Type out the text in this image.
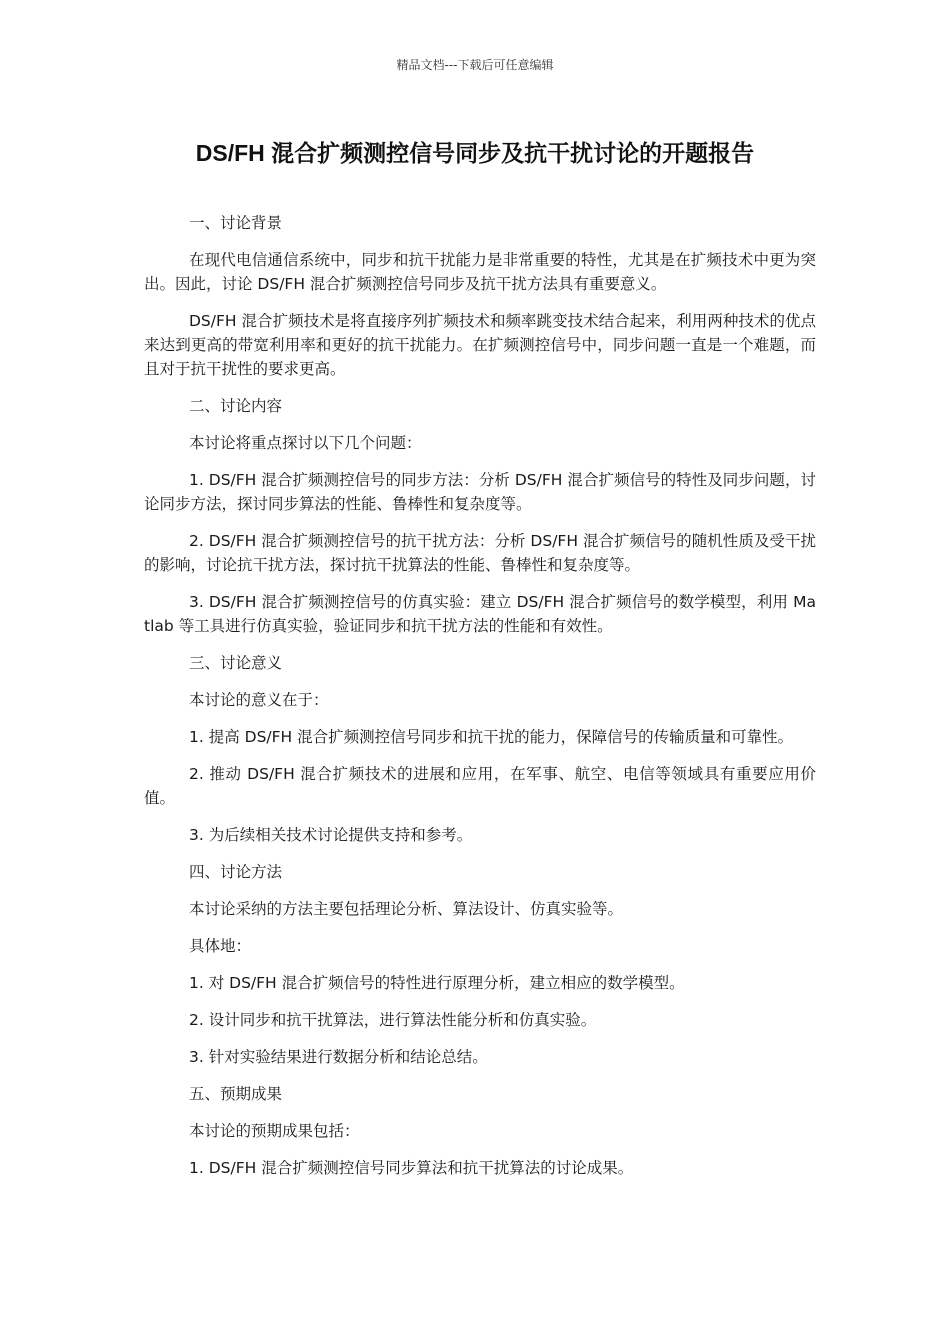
精品文档---下载后可任意编辑
DS/FH 混合扩频测控信号同步及抗干扰讨论的开题报告

一、讨论背景

在现代电信通信系统中，同步和抗干扰能力是非常重要的特性，尤其是在扩频技术中更为突出。因此，讨论 DS/FH 混合扩频测控信号同步及抗干扰方法具有重要意义。

DS/FH 混合扩频技术是将直接序列扩频技术和频率跳变技术结合起来，利用两种技术的优点来达到更高的带宽利用率和更好的抗干扰能力。在扩频测控信号中，同步问题一直是一个难题，而且对于抗干扰性的要求更高。

二、讨论内容

本讨论将重点探讨以下几个问题：

1. DS/FH 混合扩频测控信号的同步方法：分析 DS/FH 混合扩频信号的特性及同步问题，讨论同步方法，探讨同步算法的性能、鲁棒性和复杂度等。

2. DS/FH 混合扩频测控信号的抗干扰方法：分析 DS/FH 混合扩频信号的随机性质及受干扰的影响，讨论抗干扰方法，探讨抗干扰算法的性能、鲁棒性和复杂度等。

3. DS/FH 混合扩频测控信号的仿真实验：建立 DS/FH 混合扩频信号的数学模型，利用 Matlab 等工具进行仿真实验，验证同步和抗干扰方法的性能和有效性。

三、讨论意义

本讨论的意义在于：

1. 提高 DS/FH 混合扩频测控信号同步和抗干扰的能力，保障信号的传输质量和可靠性。

2. 推动 DS/FH 混合扩频技术的进展和应用，在军事、航空、电信等领域具有重要应用价值。

3. 为后续相关技术讨论提供支持和参考。

四、讨论方法

本讨论采纳的方法主要包括理论分析、算法设计、仿真实验等。

具体地：

1. 对 DS/FH 混合扩频信号的特性进行原理分析，建立相应的数学模型。

2. 设计同步和抗干扰算法，进行算法性能分析和仿真实验。

3. 针对实验结果进行数据分析和结论总结。

五、预期成果

本讨论的预期成果包括：

1. DS/FH 混合扩频测控信号同步算法和抗干扰算法的讨论成果。
